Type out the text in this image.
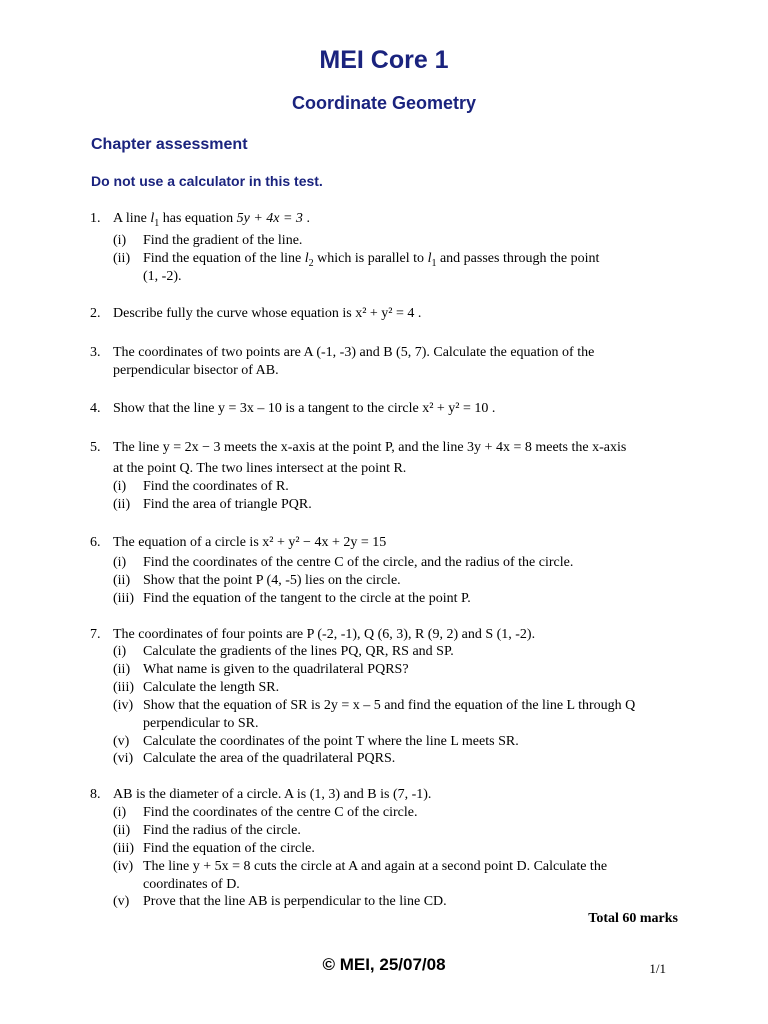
MEI Core 1
Coordinate Geometry
Chapter assessment
Do not use a calculator in this test.
1. A line $l_1$ has equation 5y + 4x = 3 .
(i) Find the gradient of the line.
(ii) Find the equation of the line $l_2$ which is parallel to $l_1$ and passes through the point
(1, -2).
2. Describe fully the curve whose equation is x² + y² = 4 .
3. The coordinates of two points are A (-1, -3) and B (5, 7). Calculate the equation of the
perpendicular bisector of AB.
4. Show that the line y = 3x – 10 is a tangent to the circle x² + y² = 10 .
5. The line y = 2x − 3 meets the x-axis at the point P, and the line 3y + 4x = 8 meets the x-axis
at the point Q. The two lines intersect at the point R.
(i) Find the coordinates of R.
(ii) Find the area of triangle PQR.
6. The equation of a circle is x² + y² − 4x + 2y = 15
(i) Find the coordinates of the centre C of the circle, and the radius of the circle.
(ii) Show that the point P (4, -5) lies on the circle.
(iii) Find the equation of the tangent to the circle at the point P.
7. The coordinates of four points are P (-2, -1), Q (6, 3), R (9, 2) and S (1, -2).
(i) Calculate the gradients of the lines PQ, QR, RS and SP.
(ii) What name is given to the quadrilateral PQRS?
(iii) Calculate the length SR.
(iv) Show that the equation of SR is 2y = x – 5 and find the equation of the line L through Q
perpendicular to SR.
(v) Calculate the coordinates of the point T where the line L meets SR.
(vi) Calculate the area of the quadrilateral PQRS.
8. AB is the diameter of a circle. A is (1, 3) and B is (7, -1).
(i) Find the coordinates of the centre C of the circle.
(ii) Find the radius of the circle.
(iii) Find the equation of the circle.
(iv) The line y + 5x = 8 cuts the circle at A and again at a second point D. Calculate the
coordinates of D.
(v) Prove that the line AB is perpendicular to the line CD.
Total 60 marks
© MEI, 25/07/08	1/1
